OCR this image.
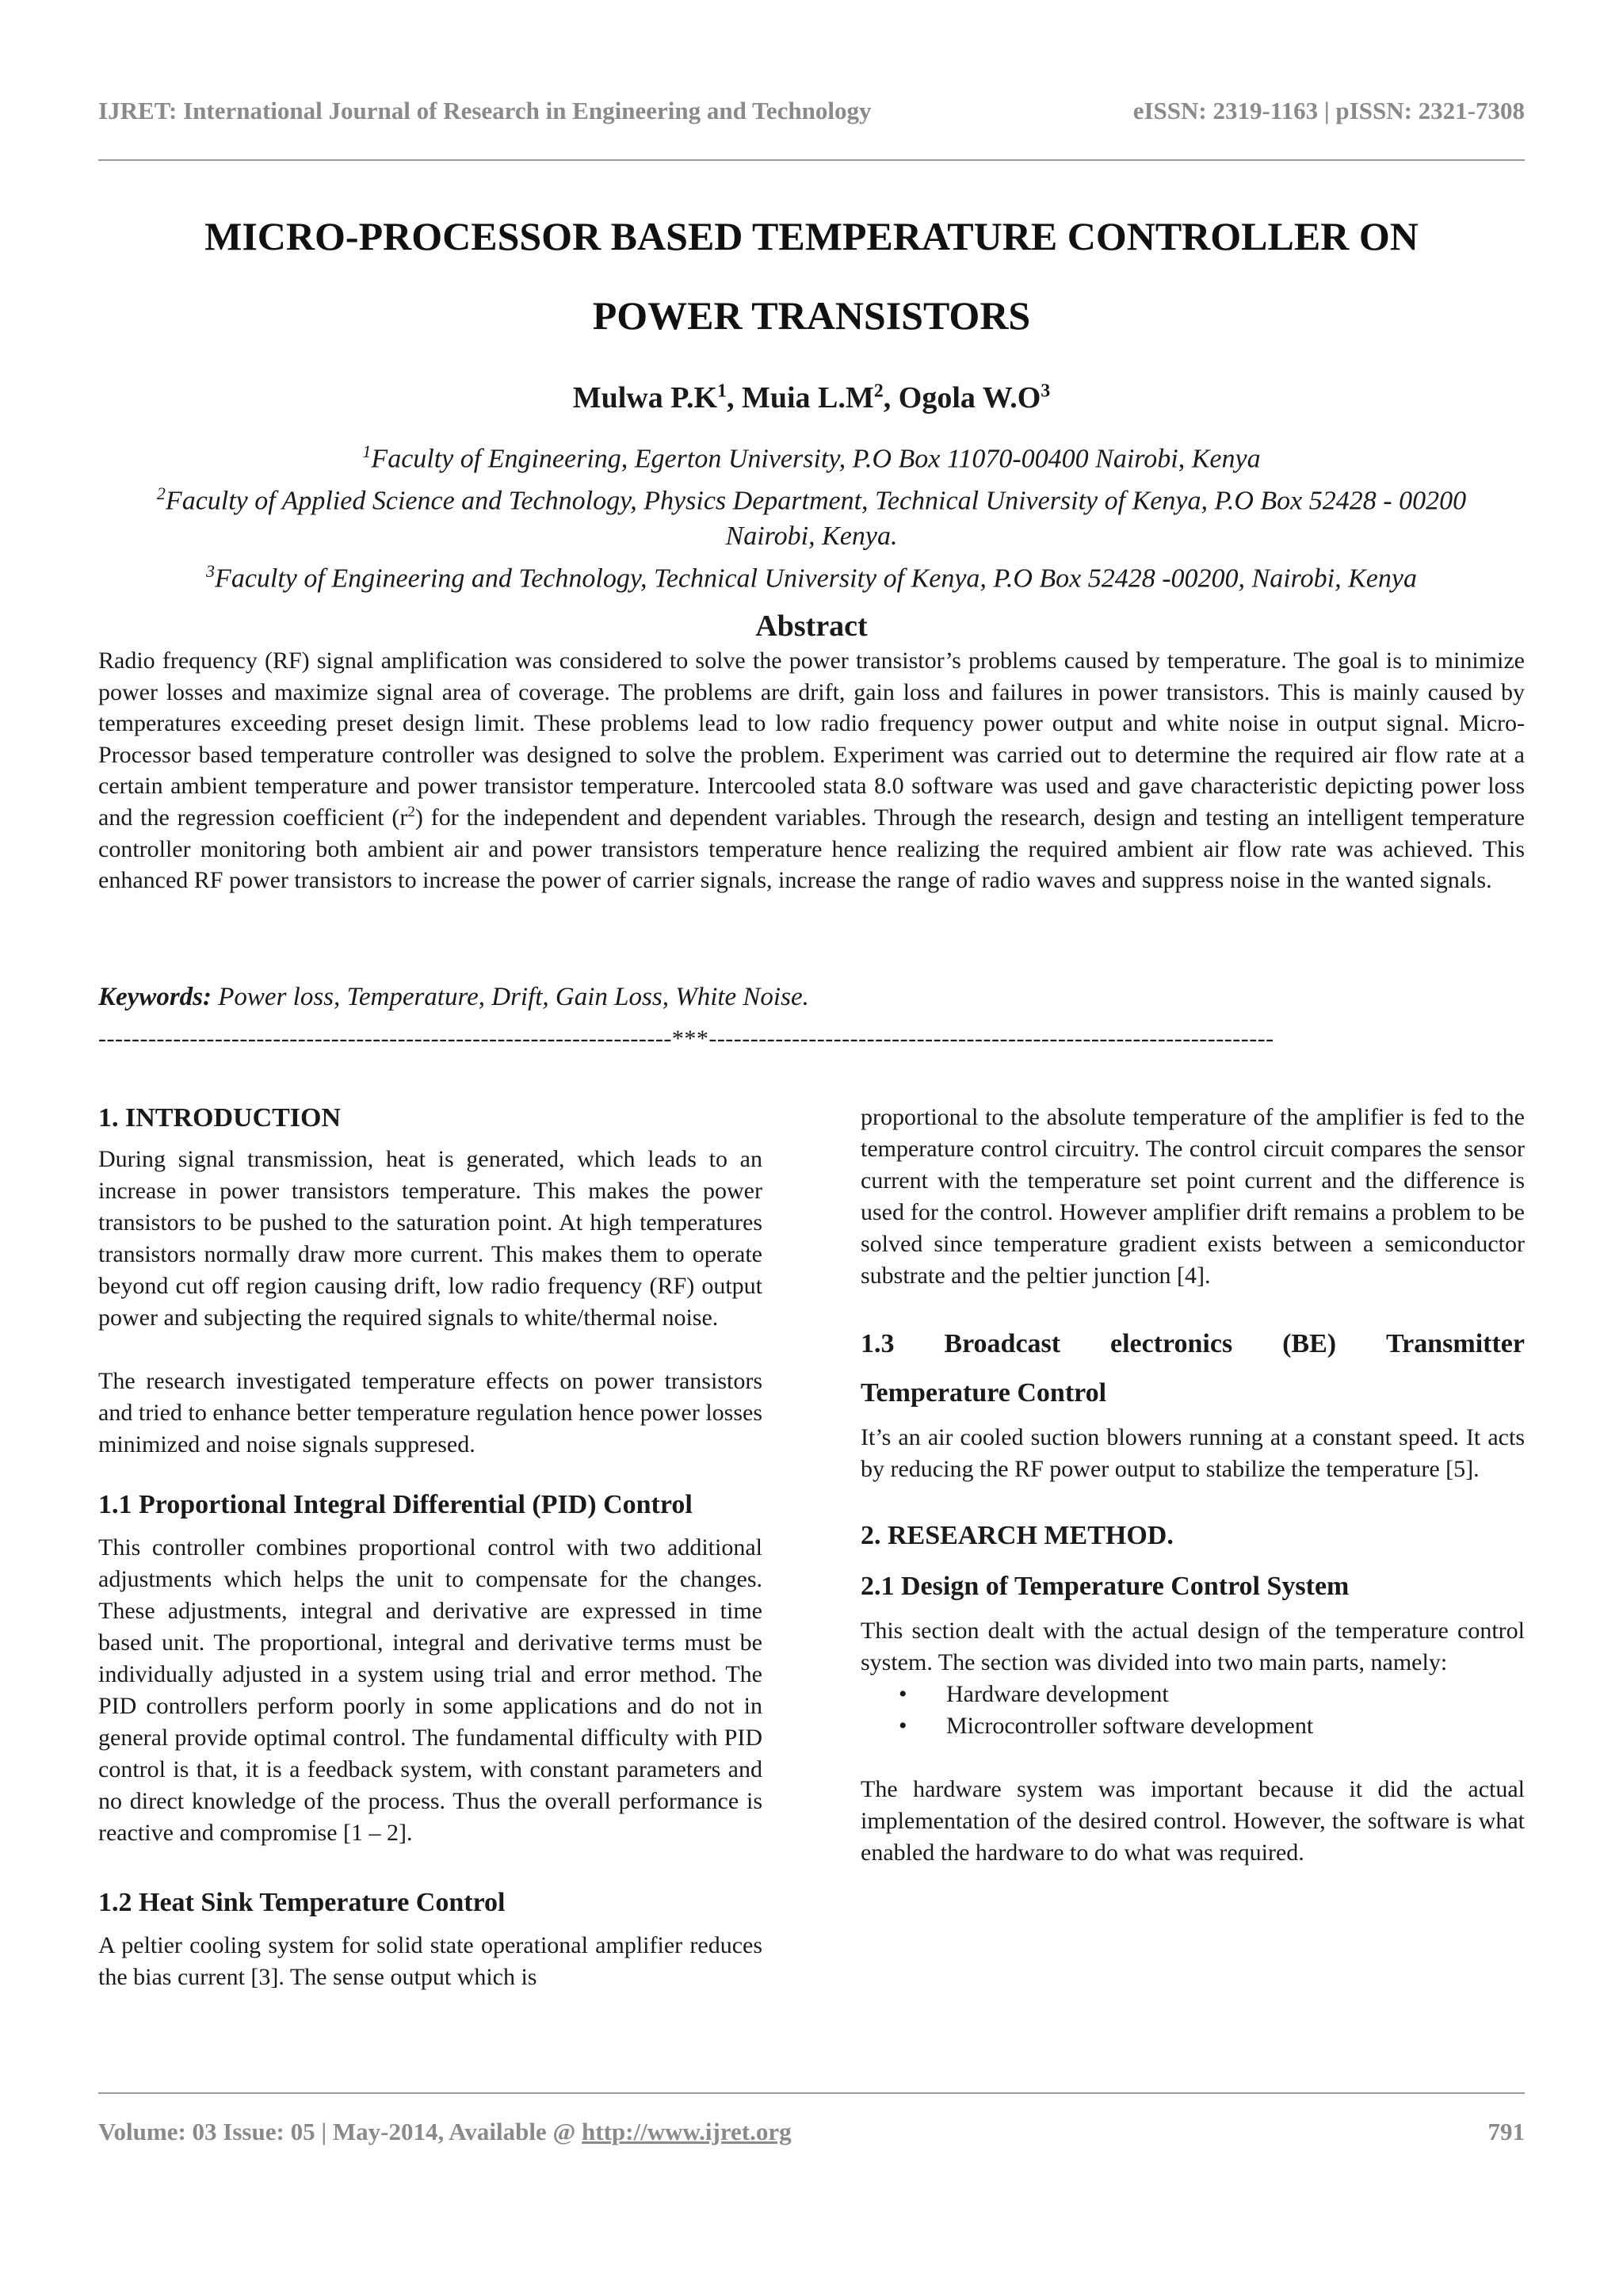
IJRET: International Journal of Research in Engineering and Technology	eISSN: 2319-1163 | pISSN: 2321-7308
MICRO-PROCESSOR BASED TEMPERATURE CONTROLLER ON
POWER TRANSISTORS
Mulwa $P.K^1$, Muia $L.M^2$, Ogola $W.O^3$
$^1$Faculty of Engineering, Egerton University, P.O Box 11070-00400 Nairobi, Kenya
$^2$Faculty of Applied Science and Technology, Physics Department, Technical University of Kenya, P.O Box 52428 - 00200 Nairobi, Kenya.
$^3$Faculty of Engineering and Technology, Technical University of Kenya, P.O Box 52428 -00200, Nairobi, Kenya
Abstract
Radio frequency (RF) signal amplification was considered to solve the power transistor’s problems caused by temperature. The goal is to minimize power losses and maximize signal area of coverage. The problems are drift, gain loss and failures in power transistors. This is mainly caused by temperatures exceeding preset design limit. These problems lead to low radio frequency power output and white noise in output signal. Micro-Processor based temperature controller was designed to solve the problem. Experiment was carried out to determine the required air flow rate at a certain ambient temperature and power transistor temperature. Intercooled stata 8.0 software was used and gave characteristic depicting power loss and the regression coefficient $(r^2)$ for the independent and dependent variables. Through the research, design and testing an intelligent temperature controller monitoring both ambient air and power transistors temperature hence realizing the required ambient air flow rate was achieved. This enhanced RF power transistors to increase the power of carrier signals, increase the range of radio waves and suppress noise in the wanted signals.
Keywords: Power loss, Temperature, Drift, Gain Loss, White Noise.
---------------------------------------------------------------------***--------------------------------------------------------------------
1. INTRODUCTION

During signal transmission, heat is generated, which leads to an increase in power transistors temperature. This makes the power transistors to be pushed to the saturation point. At high temperatures transistors normally draw more current. This makes them to operate beyond cut off region causing drift, low radio frequency (RF) output power and subjecting the required signals to white/thermal noise.

The research investigated temperature effects on power transistors and tried to enhance better temperature regulation hence power losses minimized and noise signals suppresed.

1.1 Proportional Integral Differential (PID) Control

This controller combines proportional control with two additional adjustments which helps the unit to compensate for the changes. These adjustments, integral and derivative are expressed in time based unit. The proportional, integral and derivative terms must be individually adjusted in a system using trial and error method. The PID controllers perform poorly in some applications and do not in general provide optimal control. The fundamental difficulty with PID control is that, it is a feedback system, with constant parameters and no direct knowledge of the process. Thus the overall performance is reactive and compromise [1 – 2].

1.2 Heat Sink Temperature Control

A peltier cooling system for solid state operational amplifier reduces the bias current [3]. The sense output which is

proportional to the absolute temperature of the amplifier is fed to the temperature control circuitry. The control circuit compares the sensor current with the temperature set point current and the difference is used for the control. However amplifier drift remains a problem to be solved since temperature gradient exists between a semiconductor substrate and the peltier junction [4].

1.3 Broadcast electronics (BE) Transmitter
Temperature Control

It’s an air cooled suction blowers running at a constant speed. It acts by reducing the RF power output to stabilize the temperature [5].

2. RESEARCH METHOD.
2.1 Design of Temperature Control System

This section dealt with the actual design of the temperature control system. The section was divided into two main parts, namely:

• Hardware development
• Microcontroller software development

The hardware system was important because it did the actual implementation of the desired control. However, the software is what enabled the hardware to do what was required.

Volume: 03 Issue: 05 | May-2014, Available @ http://www.ijret.org	791
